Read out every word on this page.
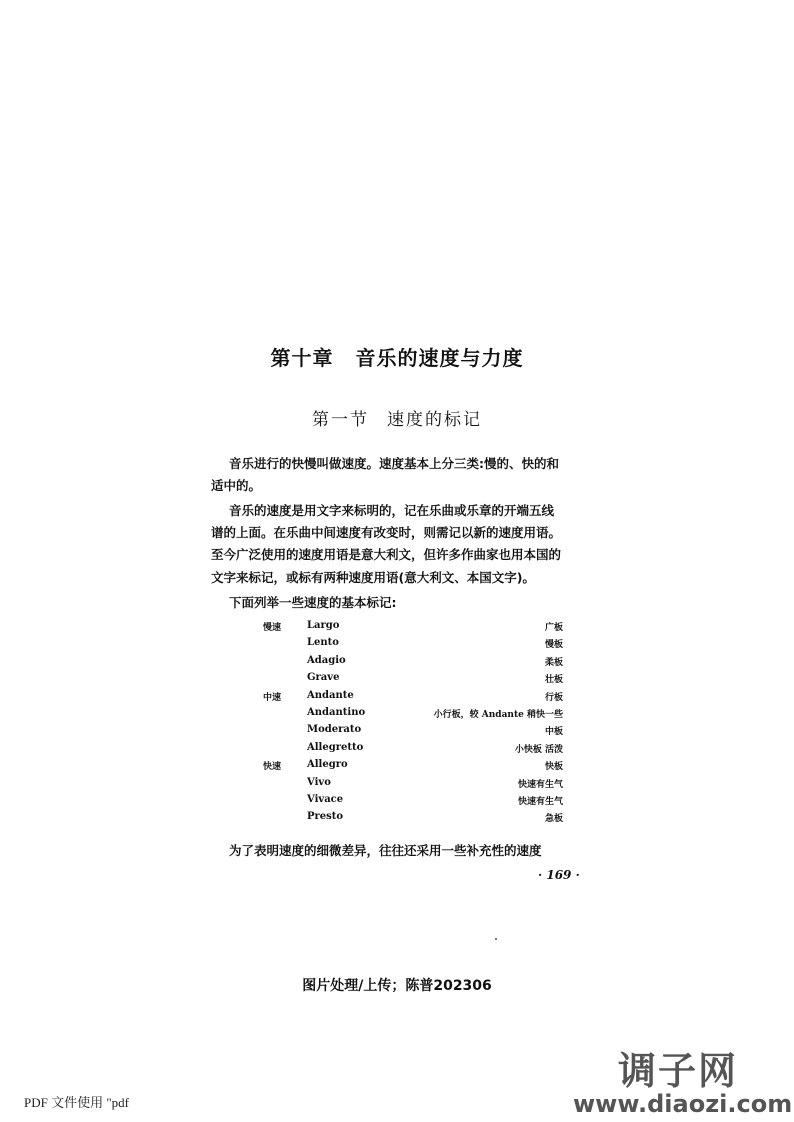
第十章 音乐的速度与力度
第一节 速度的标记
音乐进行的快慢叫做速度。速度基本上分三类:慢的、快的和
适中的。
音乐的速度是用文字来标明的，记在乐曲或乐章的开端五线
谱的上面。在乐曲中间速度有改变时，则需记以新的速度用语。
至今广泛使用的速度用语是意大利文，但许多作曲家也用本国的
文字来标记，或标有两种速度用语(意大利文、本国文字)。
下面列举一些速度的基本标记:
慢速	Largo	广板
Lento	慢板
Adagio	柔板
Grave	壮板
中速	Andante	行板
Andantino	小行板，较 Andante 稍快一些
Moderato	中板
Allegretto	小快板 活泼
快速	Allegro	快板
Vivo	快速有生气
Vivace	快速有生气
Presto	急板
为了表明速度的细微差异，往往还采用一些补充性的速度
· 169 ·
图片处理/上传；陈普202306
PDF 文件使用 "pdf
调子网
www.diaozi.com
